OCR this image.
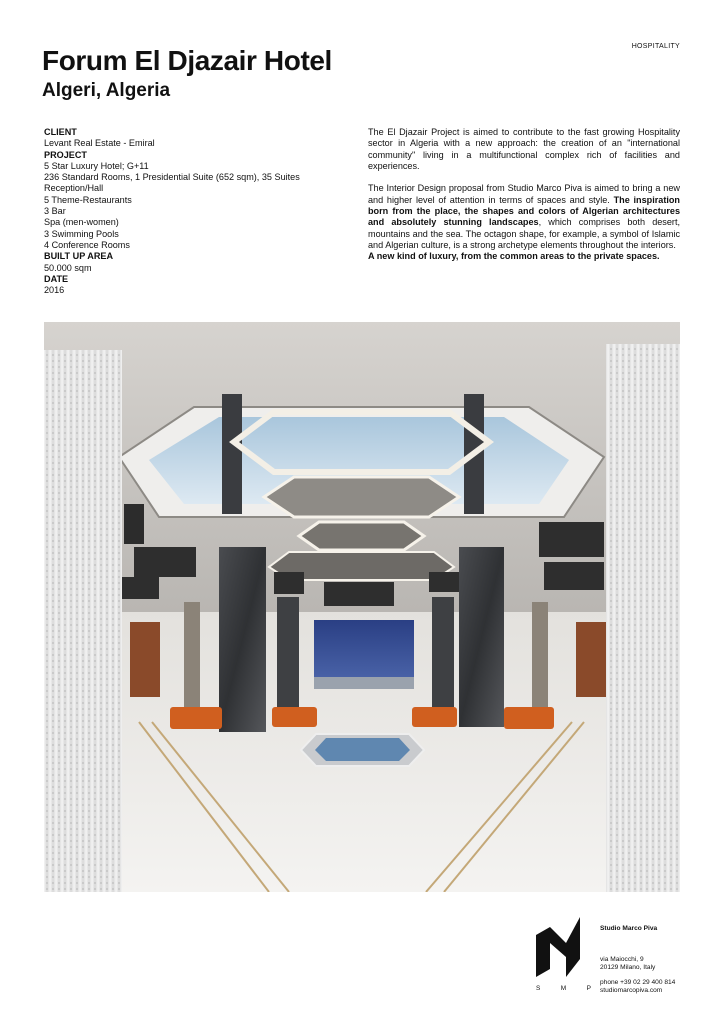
HOSPITALITY
Forum El Djazair Hotel
Algeri, Algeria
CLIENT
Levant Real Estate - Emiral
PROJECT
5 Star Luxury Hotel; G+11
236 Standard Rooms, 1 Presidential Suite (652 sqm), 35 Suites
Reception/Hall
5 Theme-Restaurants
3 Bar
Spa (men-women)
3 Swimming Pools
4 Conference Rooms
BUILT UP AREA
50.000 sqm
DATE
2016

The El Djazair Project is aimed to contribute to the fast growing Hospitality sector in Algeria with a new approach: the creation of an "international community" living in a multifunctional complex rich of facilities and experiences.

The Interior Design proposal from Studio Marco Piva is aimed to bring a new and higher level of attention in terms of spaces and style. The inspiration born from the place, the shapes and colors of Algerian architectures and absolutely stunning landscapes, which comprises both desert, mountains and the sea. The octagon shape, for example, a symbol of Islamic and Algerian culture, is a strong archetype elements throughout the interiors.
A new kind of luxury, from the common areas to the private spaces.

S	M	P
Studio Marco Piva
via Maiocchi, 9
20129 Milano, Italy
phone +39 02 29 400 814
studiomarcopiva.com
